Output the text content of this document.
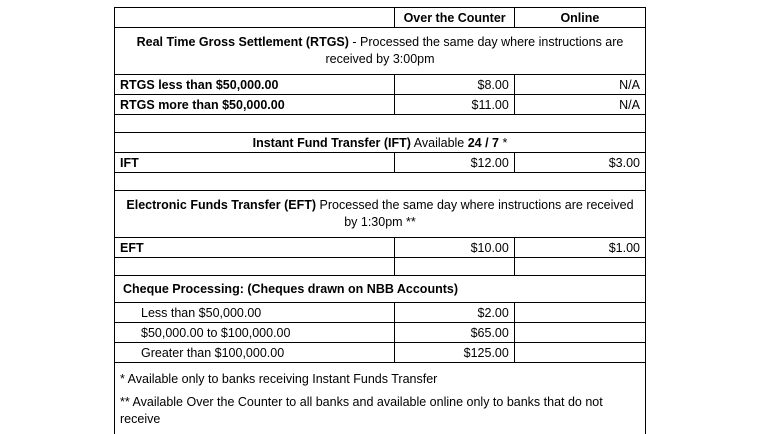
	Over the Counter	Online
Real Time Gross Settlement (RTGS) - Processed the same day where instructions are received by 3:00pm		
RTGS less than $50,000.00	$8.00	N/A
RTGS more than $50,000.00	$11.00	N/A

Instant Fund Transfer (IFT) Available 24 / 7 *		
IFT	$12.00	$3.00

Electronic Funds Transfer (EFT) Processed the same day where instructions are received by 1:30pm **		
EFT	$10.00	$1.00

Cheque Processing: (Cheques drawn on NBB Accounts)		
Less than $50,000.00	$2.00	
$50,000.00 to $100,000.00	$65.00	
Greater than $100,000.00	$125.00	

* Available only to banks receiving Instant Funds Transfer

** Available Over the Counter to all banks and available online only to banks that do not receive		
